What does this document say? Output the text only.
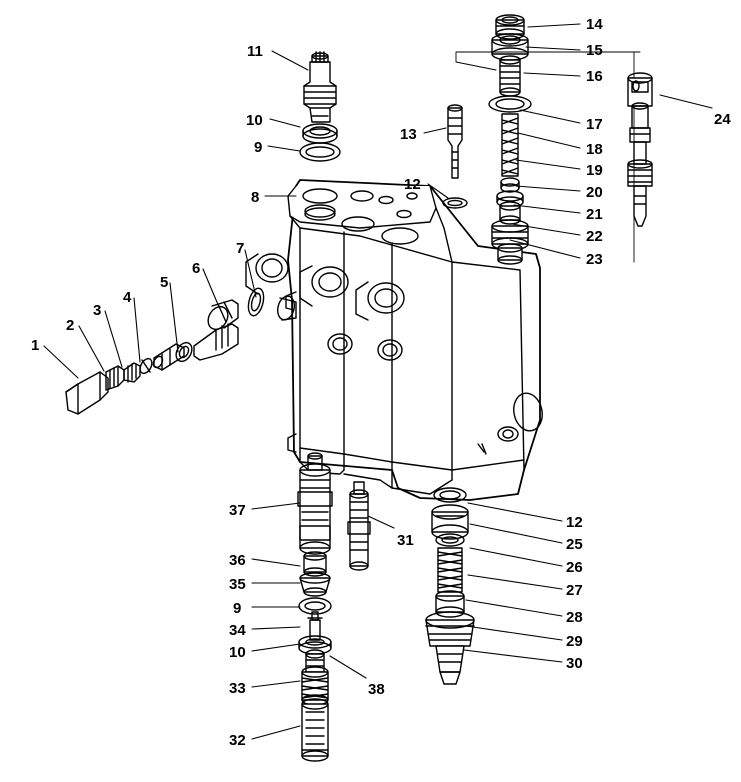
1
2
3
4
5
6
7
8
9
10
11
12
13
14
15
16
17
18
19
20
21
22
23
24
37
31
36
35
9
34
10
33	38
32
12
25
26
27
28
29
30
